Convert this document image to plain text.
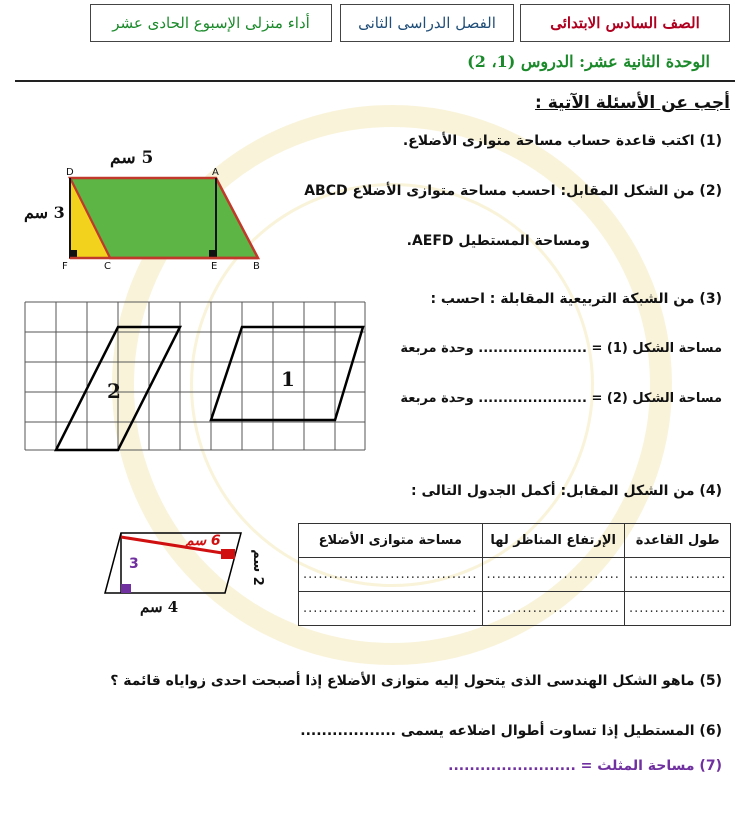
الصف السادس الابتدائى
الفصل الدراسى الثانى
أداء منزلى الإسبوع الحادى عشر
الوحدة الثانية عشر: الدروس (1، 2)
أجب عن الأسئلة الآتية :
(1) اكتب قاعدة حساب مساحة متوازى الأضلاع.
(2) من الشكل المقابل: احسب مساحة متوازى الأضلاع ABCD
ومساحة المستطيل AEFD.
D	A
F	C	E	B
5 سم
3 سم
(3) من الشبكة التربيعية المقابلة : احسب :
مساحة الشكل (1) = ...................... وحدة مربعة
مساحة الشكل (2) = ...................... وحدة مربعة
2	1
(4) من الشكل المقابل: أكمل الجدول التالى :
6 سم
2 سم
3
4 سم
طول القاعدة	الإرتفاع المناظر لها	مساحة متوازى الأضلاع
...................	..........................	..................................
...................	..........................	..................................
(5) ماهو الشكل الهندسى الذى يتحول إليه متوازى الأضلاع إذا أصبحت احدى زواياه قائمة ؟
(6) المستطيل إذا تساوت أطوال اضلاعه يسمى ..................
(7) مساحة المثلث = ........................
